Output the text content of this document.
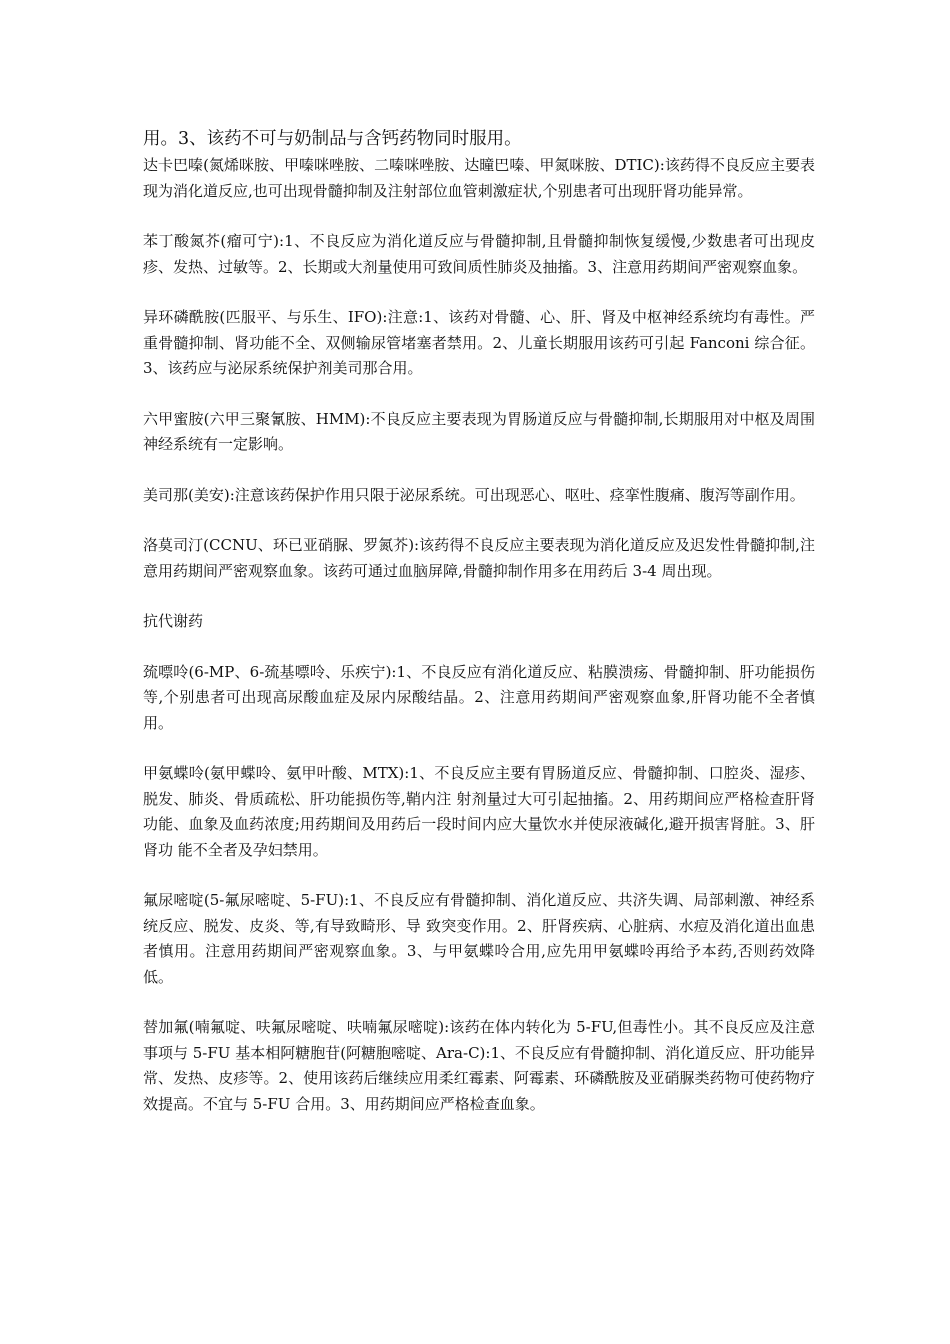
用。3、该药不可与奶制品与含钙药物同时服用。

达卡巴嗪(氮烯咪胺、甲嗪咪唑胺、二嗪咪唑胺、达曈巴嗪、甲氮咪胺、DTIC):该药得不良反应主要表现为消化道反应,也可出现骨髓抑制及注射部位血管刺激症状,个别患者可出现肝肾功能异常。

苯丁酸氮芥(瘤可宁):1、不良反应为消化道反应与骨髓抑制,且骨髓抑制恢复缓慢,少数患者可出现皮疹、发热、过敏等。2、长期或大剂量使用可致间质性肺炎及抽搐。3、注意用药期间严密观察血象。

异环磷酰胺(匹服平、与乐生、IFO):注意:1、该药对骨髓、心、肝、肾及中枢神经系统均有毒性。严重骨髓抑制、肾功能不全、双侧输尿管堵塞者禁用。2、儿童长期服用该药可引起 Fanconi 综合征。3、该药应与泌尿系统保护剂美司那合用。

六甲蜜胺(六甲三聚氰胺、HMM):不良反应主要表现为胃肠道反应与骨髓抑制,长期服用对中枢及周围神经系统有一定影响。

美司那(美安):注意该药保护作用只限于泌尿系统。可出现恶心、呕吐、痉挛性腹痛、腹泻等副作用。

洛莫司汀(CCNU、环已亚硝脲、罗氮芥):该药得不良反应主要表现为消化道反应及迟发性骨髓抑制,注意用药期间严密观察血象。该药可通过血脑屏障,骨髓抑制作用多在用药后 3-4 周出现。

抗代谢药

巯嘌呤(6-MP、6-巯基嘌呤、乐疾宁):1、不良反应有消化道反应、粘膜溃疡、骨髓抑制、肝功能损伤等,个别患者可出现高尿酸血症及尿内尿酸结晶。2、注意用药期间严密观察血象,肝肾功能不全者慎用。

甲氨蝶呤(氨甲蝶呤、氨甲叶酸、MTX):1、不良反应主要有胃肠道反应、骨髓抑制、口腔炎、湿疹、脱发、肺炎、骨质疏松、肝功能损伤等,鞘内注 射剂量过大可引起抽搐。2、用药期间应严格检查肝肾功能、血象及血药浓度;用药期间及用药后一段时间内应大量饮水并使尿液碱化,避开损害肾脏。3、肝肾功 能不全者及孕妇禁用。

氟尿嘧啶(5-氟尿嘧啶、5-FU):1、不良反应有骨髓抑制、消化道反应、共济失调、局部刺激、神经系统反应、脱发、皮炎、等,有导致畸形、导 致突变作用。2、肝肾疾病、心脏病、水痘及消化道出血患者慎用。注意用药期间严密观察血象。3、与甲氨蝶呤合用,应先用甲氨蝶呤再给予本药,否则药效降低。

替加氟(喃氟啶、呋氟尿嘧啶、呋喃氟尿嘧啶):该药在体内转化为 5-FU,但毒性小。其不良反应及注意事项与 5-FU 基本相阿糖胞苷(阿糖胞嘧啶、Ara-C):1、不良反应有骨髓抑制、消化道反应、肝功能异常、发热、皮疹等。2、使用该药后继续应用柔红霉素、阿霉素、环磷酰胺及亚硝脲类药物可使药物疗效提高。不宜与 5-FU 合用。3、用药期间应严格检查血象。
